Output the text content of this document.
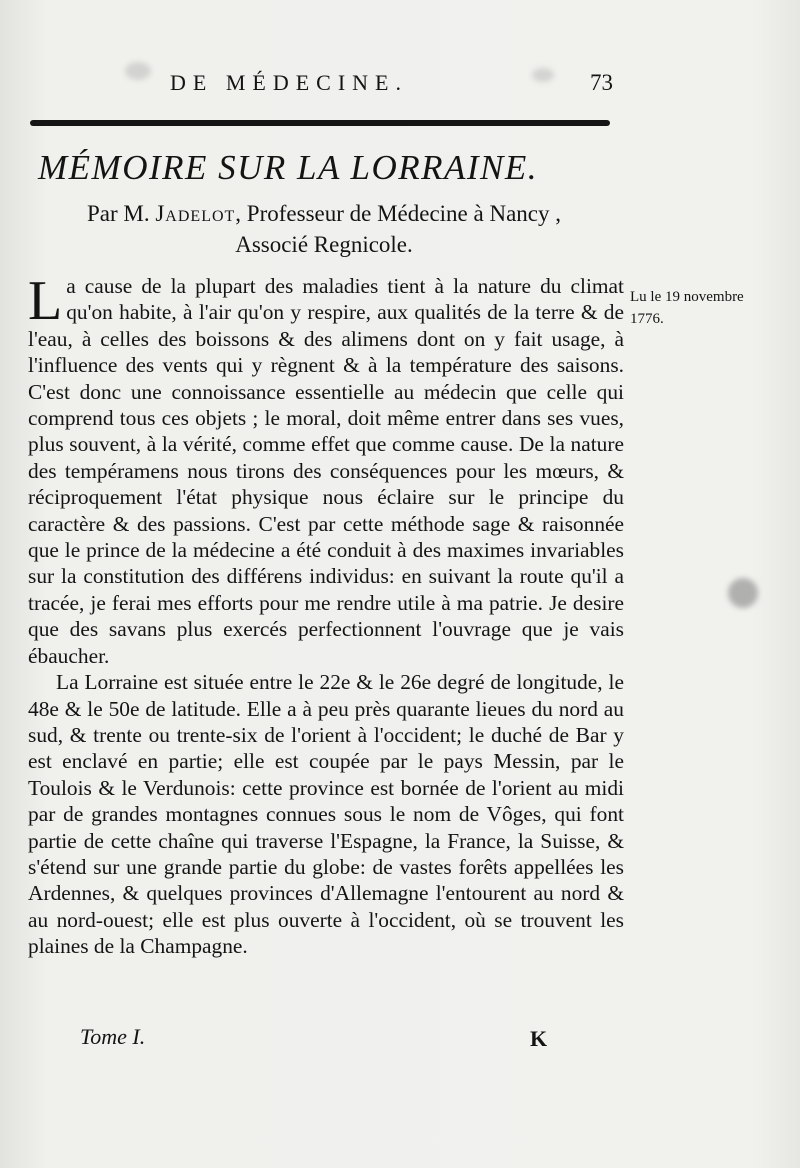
DE MÉDECINE.	73
MÉMOIRE SUR LA LORRAINE.
Par M. Jadelot, Professeur de Médecine à Nancy ,
Associé Regnicole.

La cause de la plupart des maladies tient à la nature du climat qu'on habite, à l'air qu'on y respire, aux qualités de la terre & de l'eau, à celles des boissons & des alimens dont on y fait usage, à l'influence des vents qui y règnent & à la température des saisons. C'est donc une connoissance essentielle au médecin que celle qui comprend tous ces objets ; le moral, doit même entrer dans ses vues, plus souvent, à la vérité, comme effet que comme cause. De la nature des tempéramens nous tirons des conséquences pour les mœurs, & réciproquement l'état physique nous éclaire sur le principe du caractère & des passions. C'est par cette méthode sage & raisonnée que le prince de la médecine a été conduit à des maximes invariables sur la constitution des différens individus: en suivant la route qu'il a tracée, je ferai mes efforts pour me rendre utile à ma patrie. Je desire que des savans plus exercés perfectionnent l'ouvrage que je vais ébaucher.

La Lorraine est située entre le 22e & le 26e degré de longitude, le 48e & le 50e de latitude. Elle a à peu près quarante lieues du nord au sud, & trente ou trente-six de l'orient à l'occident; le duché de Bar y est enclavé en partie; elle est coupée par le pays Messin, par le Toulois & le Verdunois: cette province est bornée de l'orient au midi par de grandes montagnes connues sous le nom de Vôges, qui font partie de cette chaîne qui traverse l'Espagne, la France, la Suisse, & s'étend sur une grande partie du globe: de vastes forêts appellées les Ardennes, & quelques provinces d'Allemagne l'entourent au nord & au nord-ouest; elle est plus ouverte à l'occident, où se trouvent les plaines de la Champagne.

Lu le 19 novembre
1776.
Tome I.	K
